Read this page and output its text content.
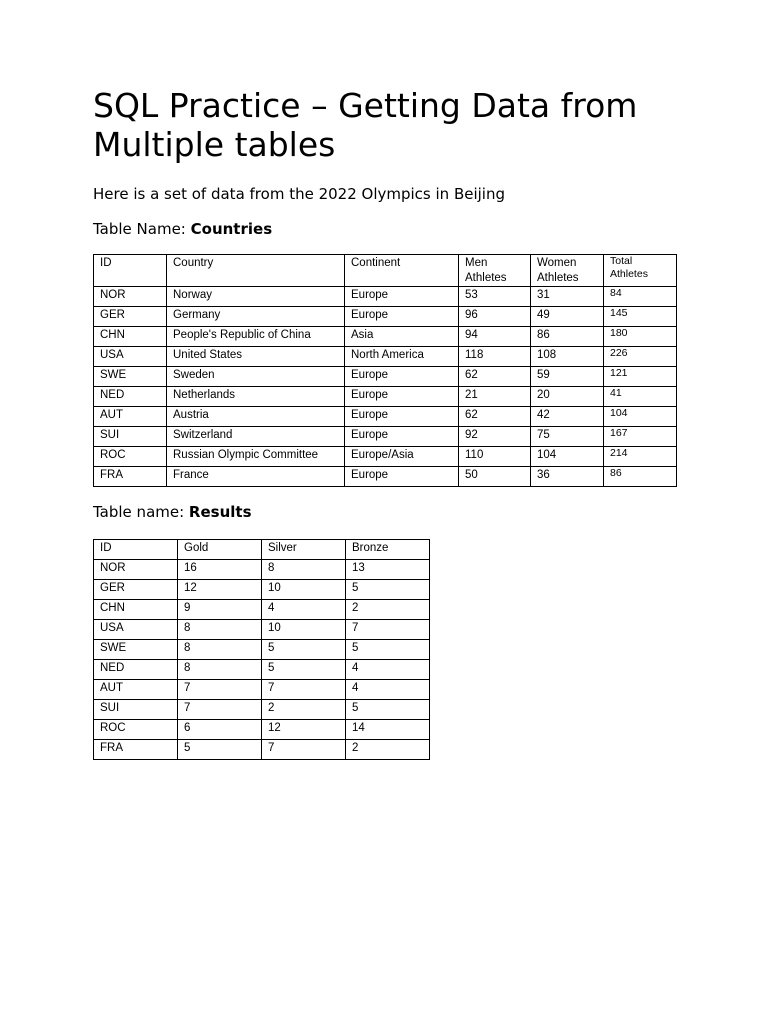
SQL Practice – Getting Data from Multiple tables

Here is a set of data from the 2022 Olympics in Beijing

Table Name: Countries

ID	Country	Continent	Men Athletes	Women Athletes	Total Athletes
NOR	Norway	Europe	53	31	84
GER	Germany	Europe	96	49	145
CHN	People's Republic of China	Asia	94	86	180
USA	United States	North America	118	108	226
SWE	Sweden	Europe	62	59	121
NED	Netherlands	Europe	21	20	41
AUT	Austria	Europe	62	42	104
SUI	Switzerland	Europe	92	75	167
ROC	Russian Olympic Committee	Europe/Asia	110	104	214
FRA	France	Europe	50	36	86

Table name: Results

ID	Gold	Silver	Bronze
NOR	16	8	13
GER	12	10	5
CHN	9	4	2
USA	8	10	7
SWE	8	5	5
NED	8	5	4
AUT	7	7	4
SUI	7	2	5
ROC	6	12	14
FRA	5	7	2
